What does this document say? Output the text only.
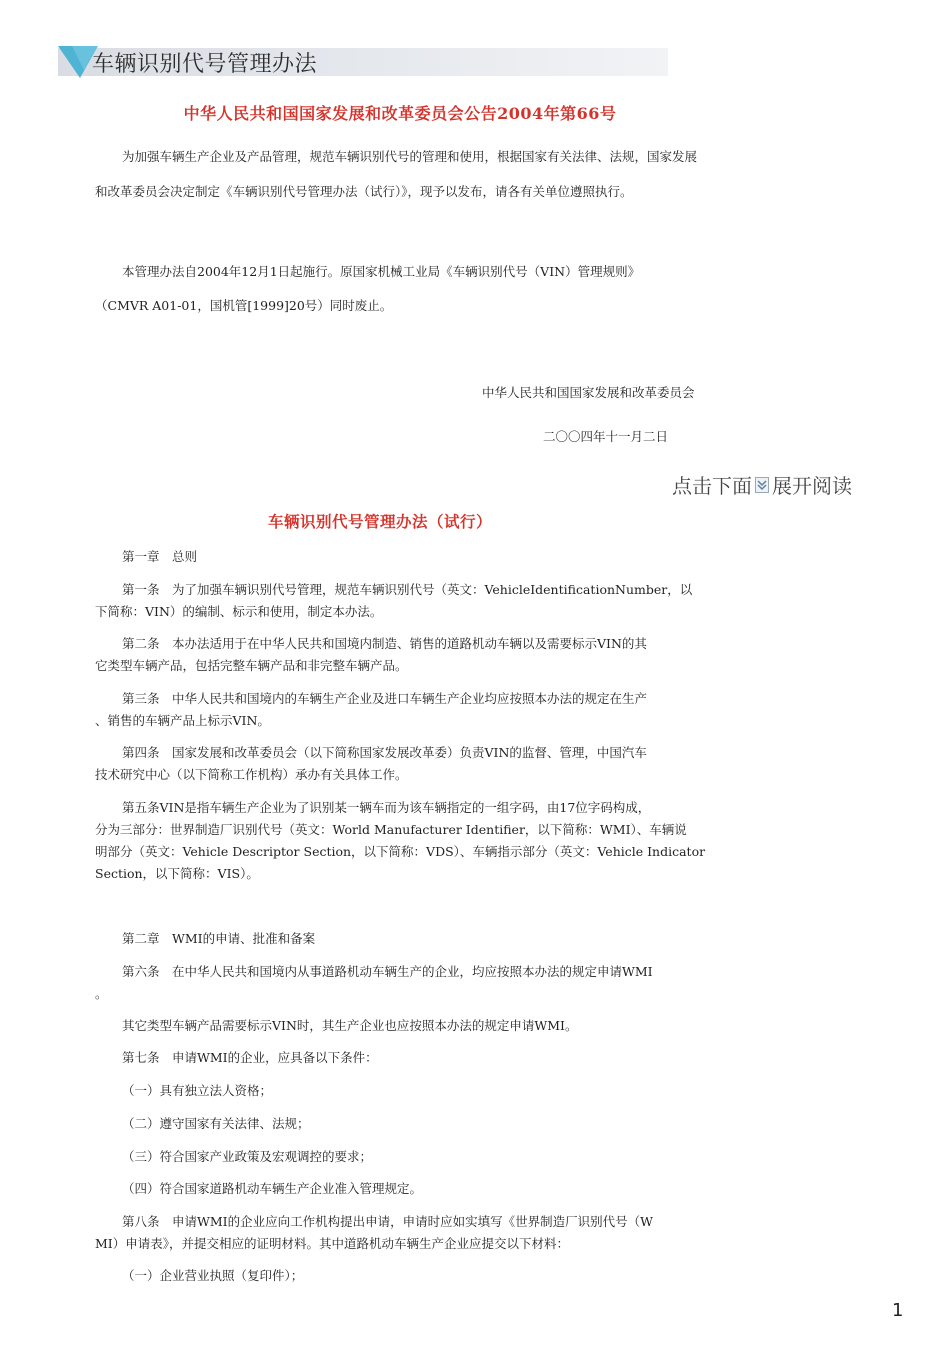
车辆识别代号管理办法
中华人民共和国国家发展和改革委员会公告2004年第66号
为加强车辆生产企业及产品管理，规范车辆识别代号的管理和使用，根据国家有关法律、法规，国家发展和改革委员会决定制定《车辆识别代号管理办法（试行）》，现予以发布，请各有关单位遵照执行。
本管理办法自2004年12月1日起施行。原国家机械工业局《车辆识别代号（VIN）管理规则》
（CMVR A01-01，国机管[1999]20号）同时废止。
中华人民共和国国家发展和改革委员会
二〇〇四年十一月二日
点击下面 展开阅读
车辆识别代号管理办法（试行）
第一章　总则
第一条　为了加强车辆识别代号管理，规范车辆识别代号（英文：VehicleIdentificationNumber，以
下简称：VIN）的编制、标示和使用，制定本办法。
第二条　本办法适用于在中华人民共和国境内制造、销售的道路机动车辆以及需要标示VIN的其
它类型车辆产品，包括完整车辆产品和非完整车辆产品。
第三条　中华人民共和国境内的车辆生产企业及进口车辆生产企业均应按照本办法的规定在生产
、销售的车辆产品上标示VIN。
第四条　国家发展和改革委员会（以下简称国家发展改革委）负责VIN的监督、管理，中国汽车
技术研究中心（以下简称工作机构）承办有关具体工作。
第五条VIN是指车辆生产企业为了识别某一辆车而为该车辆指定的一组字码，由17位字码构成，
分为三部分：世界制造厂识别代号（英文：World Manufacturer Identifier，以下简称：WMI）、车辆说
明部分（英文：Vehicle Descriptor Section，以下简称：VDS）、车辆指示部分（英文：Vehicle Indicator
Section，以下简称：VIS）。
第二章　WMI的申请、批准和备案
第六条　在中华人民共和国境内从事道路机动车辆生产的企业，均应按照本办法的规定申请WMI
。
其它类型车辆产品需要标示VIN时，其生产企业也应按照本办法的规定申请WMI。
第七条　申请WMI的企业，应具备以下条件：
（一）具有独立法人资格；
（二）遵守国家有关法律、法规；
（三）符合国家产业政策及宏观调控的要求；
（四）符合国家道路机动车辆生产企业准入管理规定。
第八条　申请WMI的企业应向工作机构提出申请，申请时应如实填写《世界制造厂识别代号（W
MI）申请表》，并提交相应的证明材料。其中道路机动车辆生产企业应提交以下材料：
（一）企业营业执照（复印件）；
1
